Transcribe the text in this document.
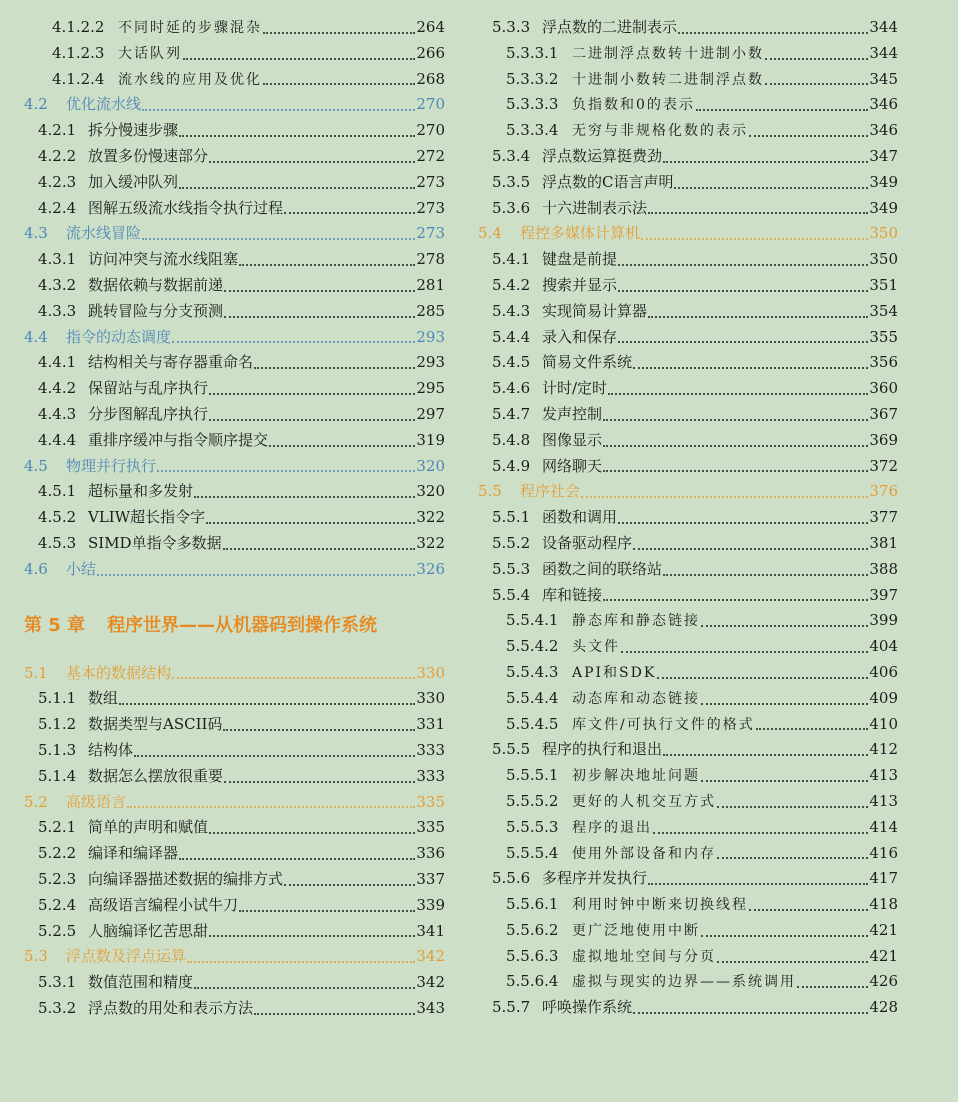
4.1.2.2 不同时延的步骤混杂	264
4.1.2.3 大话队列	266
4.1.2.4 流水线的应用及优化	268
4.2	优化流水线	270
4.2.1 拆分慢速步骤	270
4.2.2 放置多份慢速部分	272
4.2.3 加入缓冲队列	273
4.2.4 图解五级流水线指令执行过程	273
4.3	流水线冒险	273
4.3.1 访问冲突与流水线阻塞	278
4.3.2 数据依赖与数据前递	281
4.3.3 跳转冒险与分支预测	285
4.4	指令的动态调度	293
4.4.1 结构相关与寄存器重命名	293
4.4.2 保留站与乱序执行	295
4.4.3 分步图解乱序执行	297
4.4.4 重排序缓冲与指令顺序提交	319
4.5	物理并行执行	320
4.5.1 超标量和多发射	320
4.5.2 VLIW超长指令字	322
4.5.3 SIMD单指令多数据	322
4.6	小结	326
第 5 章 程序世界——从机器码到操作系统
5.1	基本的数据结构	330
5.1.1 数组	330
5.1.2 数据类型与ASCII码	331
5.1.3 结构体	333
5.1.4 数据怎么摆放很重要	333
5.2	高级语言	335
5.2.1 简单的声明和赋值	335
5.2.2 编译和编译器	336
5.2.3 向编译器描述数据的编排方式	337
5.2.4 高级语言编程小试牛刀	339
5.2.5 人脑编译忆苦思甜	341
5.3	浮点数及浮点运算	342
5.3.1 数值范围和精度	342
5.3.2 浮点数的用处和表示方法	343
5.3.3 浮点数的二进制表示	344
5.3.3.1 二进制浮点数转十进制小数	344
5.3.3.2 十进制小数转二进制浮点数	345
5.3.3.3 负指数和0的表示	346
5.3.3.4 无穷与非规格化数的表示	346
5.3.4 浮点数运算挺费劲	347
5.3.5 浮点数的C语言声明	349
5.3.6 十六进制表示法	349
5.4	程控多媒体计算机	350
5.4.1 键盘是前提	350
5.4.2 搜索并显示	351
5.4.3 实现简易计算器	354
5.4.4 录入和保存	355
5.4.5 简易文件系统	356
5.4.6 计时/定时	360
5.4.7 发声控制	367
5.4.8 图像显示	369
5.4.9 网络聊天	372
5.5	程序社会	376
5.5.1 函数和调用	377
5.5.2 设备驱动程序	381
5.5.3 函数之间的联络站	388
5.5.4 库和链接	397
5.5.4.1 静态库和静态链接	399
5.5.4.2 头文件	404
5.5.4.3 API和SDK	406
5.5.4.4 动态库和动态链接	409
5.5.4.5 库文件/可执行文件的格式	410
5.5.5 程序的执行和退出	412
5.5.5.1 初步解决地址问题	413
5.5.5.2 更好的人机交互方式	413
5.5.5.3 程序的退出	414
5.5.5.4 使用外部设备和内存	416
5.5.6 多程序并发执行	417
5.5.6.1 利用时钟中断来切换线程	418
5.5.6.2 更广泛地使用中断	421
5.5.6.3 虚拟地址空间与分页	421
5.5.6.4 虚拟与现实的边界——系统调用	426
5.5.7 呼唤操作系统	428
